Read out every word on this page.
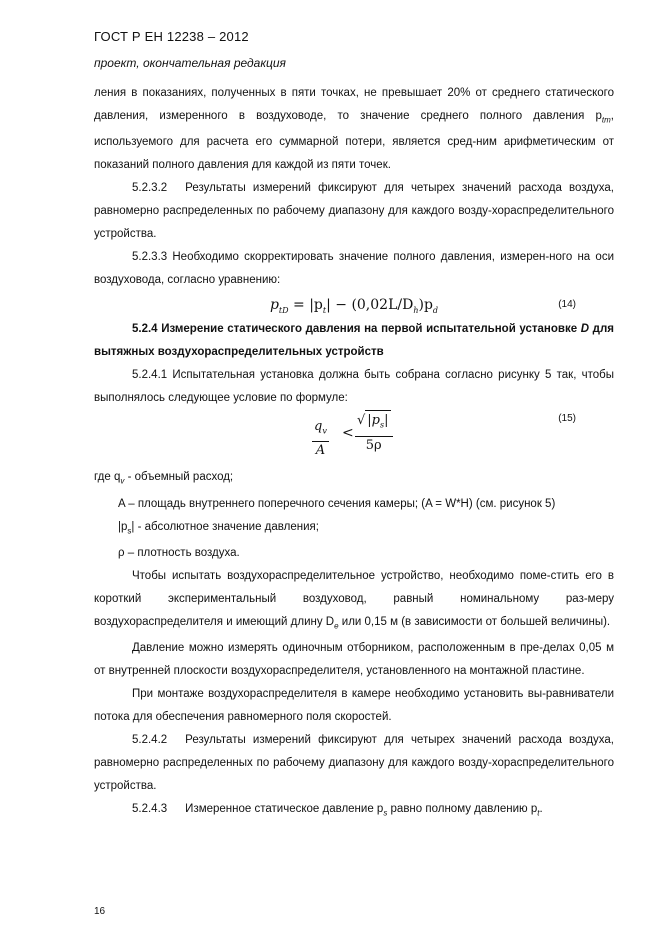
ГОСТ Р ЕН 12238 – 2012
проект, окончательная редакция

ления в показаниях, полученных в пяти точках, не превышает 20% от среднего статического давления, измеренного в воздуховоде, то значение среднего полного давления $p_{tm}$, используемого для расчета его суммарной потери, является сред-ним арифметическим от показаний полного давления для каждой из пяти точек.

5.2.3.2 Результаты измерений фиксируют для четырех значений расхода воздуха, равномерно распределенных по рабочему диапазону для каждого возду-хораспределительного устройства.

5.2.3.3 Необходимо скорректировать значение полного давления, измерен-ного на оси воздуховода, согласно уравнению:

$p_{tD} = |p_t| - (0,02L/D_h)p_d$
(14)

5.2.4 Измерение статического давления на первой испытательной установке D для вытяжных воздухораспределительных устройств

5.2.4.1 Испытательная установка должна быть собрана согласно рисунку 5 так, чтобы выполнялось следующее условие по формуле:

$\frac{q_v}{A}$ <
√ $|p_s|$
5ρ
(15)

где $q_v$ - объемный расход;

A – площадь внутреннего поперечного сечения камеры; (A = W*H) (см. рисунок 5)

$|p_s|$ - абсолютное значение давления;

ρ – плотность воздуха.

Чтобы испытать воздухораспределительное устройство, необходимо поме-стить его в короткий экспериментальный воздуховод, равный номинальному раз-меру воздухораспределителя и имеющий длину $D_e$ или 0,15 м (в зависимости от большей величины).

Давление можно измерять одиночным отборником, расположенным в пре-делах 0,05 м от внутренней плоскости воздухораспределителя, установленного на монтажной пластине.

При монтаже воздухораспределителя в камере необходимо установить вы-равниватели потока для обеспечения равномерного поля скоростей.

5.2.4.2 Результаты измерений фиксируют для четырех значений расхода воздуха, равномерно распределенных по рабочему диапазону для каждого возду-хораспределительного устройства.

5.2.4.3 Измеренное статическое давление $p_s$ равно полному давлению $p_t$.

16
